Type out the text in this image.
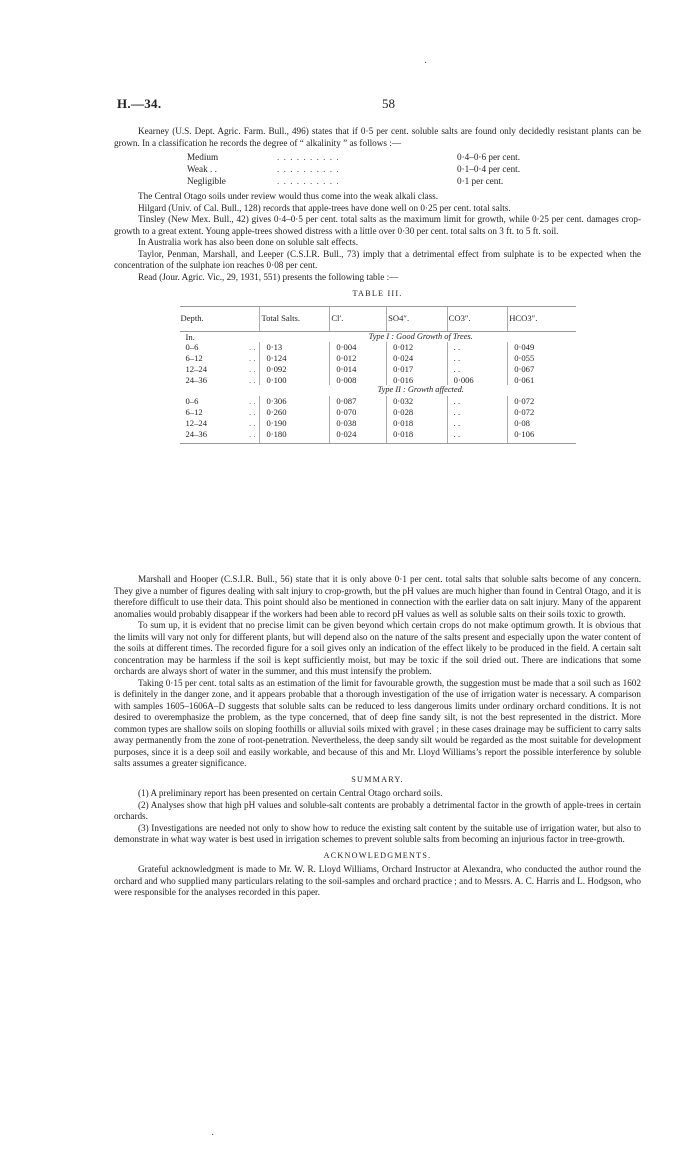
H.—34.	58

Kearney (U.S. Dept. Agric. Farm. Bull., 496) states that if 0·5 per cent. soluble salts are found only decidedly resistant plants can be grown. In a classification he records the degree of “ alkalinity ” as follows :—

Medium	. . . . . . . . . .	0·4–0·6 per cent.
Weak . .	. . . . . . . . . .	0·1–0·4 per cent.
Negligible	. . . . . . . . . .	0·1 per cent.

The Central Otago soils under review would thus come into the weak alkali class.

Hilgard (Univ. of Cal. Bull., 128) records that apple-trees have done well on 0·25 per cent. total salts.

Tinsley (New Mex. Bull., 42) gives 0·4–0·5 per cent. total salts as the maximum limit for growth, while 0·25 per cent. damages crop-growth to a great extent. Young apple-trees showed distress with a little over 0·30 per cent. total salts on 3 ft. to 5 ft. soil.

In Australia work has also been done on soluble salt effects.

Taylor, Penman, Marshall, and Leeper (C.S.I.R. Bull., 73) imply that a detrimental effect from sulphate is to be expected when the concentration of the sulphate ion reaches 0·08 per cent.

Read (Jour. Agric. Vic., 29, 1931, 551) presents the following table :—

TABLE III.
Depth.	Total Salts.	Cl′.	SO4″.	CO3″.	HCO3″.
In.	Type I : Good Growth of Trees.				
0–6 . .	0·13	0·004	0·012	. .	0·049
6–12 . .	0·124	0·012	0·024	. .	0·055
12–24 . .	0·092	0·014	0·017	. .	0·067
24–36 . .	0·100	0·008	0·016	0·006	0·061
	Type II : Growth affected.				
0–6 . .	0·306	0·087	0·032	. .	0·072
6–12 . .	0·260	0·070	0·028	. .	0·072
12–24 . .	0·190	0·038	0·018	. .	0·08
24–36 . .	0·180	0·024	0·018	. .	0·106

Marshall and Hooper (C.S.I.R. Bull., 56) state that it is only above 0·1 per cent. total salts that soluble salts become of any concern. They give a number of figures dealing with salt injury to crop-growth, but the pH values are much higher than found in Central Otago, and it is therefore difficult to use their data. This point should also be mentioned in connection with the earlier data on salt injury. Many of the apparent anomalies would probably disappear if the workers had been able to record pH values as well as soluble salts on their soils toxic to growth.

To sum up, it is evident that no precise limit can be given beyond which certain crops do not make optimum growth. It is obvious that the limits will vary not only for different plants, but will depend also on the nature of the salts present and especially upon the water content of the soils at different times. The recorded figure for a soil gives only an indication of the effect likely to be produced in the field. A certain salt concentration may be harmless if the soil is kept sufficiently moist, but may be toxic if the soil dried out. There are indications that some orchards are always short of water in the summer, and this must intensify the problem.

Taking 0·15 per cent. total salts as an estimation of the limit for favourable growth, the suggestion must be made that a soil such as 1602 is definitely in the danger zone, and it appears probable that a thorough investigation of the use of irrigation water is necessary. A comparison with samples 1605–1606A–D suggests that soluble salts can be reduced to less dangerous limits under ordinary orchard conditions. It is not desired to overemphasize the problem, as the type concerned, that of deep fine sandy silt, is not the best represented in the district. More common types are shallow soils on sloping foothills or alluvial soils mixed with gravel ; in these cases drainage may be sufficient to carry salts away permanently from the zone of root-penetration. Nevertheless, the deep sandy silt would be regarded as the most suitable for development purposes, since it is a deep soil and easily workable, and because of this and Mr. Lloyd Williams’s report the possible interference by soluble salts assumes a greater significance.

SUMMARY.

(1) A preliminary report has been presented on certain Central Otago orchard soils.

(2) Analyses show that high pH values and soluble-salt contents are probably a detrimental factor in the growth of apple-trees in certain orchards.

(3) Investigations are needed not only to show how to reduce the existing salt content by the suitable use of irrigation water, but also to demonstrate in what way water is best used in irrigation schemes to prevent soluble salts from becoming an injurious factor in tree-growth.

ACKNOWLEDGMENTS.

Grateful acknowledgment is made to Mr. W. R. Lloyd Williams, Orchard Instructor at Alexandra, who conducted the author round the orchard and who supplied many particulars relating to the soil-samples and orchard practice ; and to Messrs. A. C. Harris and L. Hodgson, who were responsible for the analyses recorded in this paper.

·
·
